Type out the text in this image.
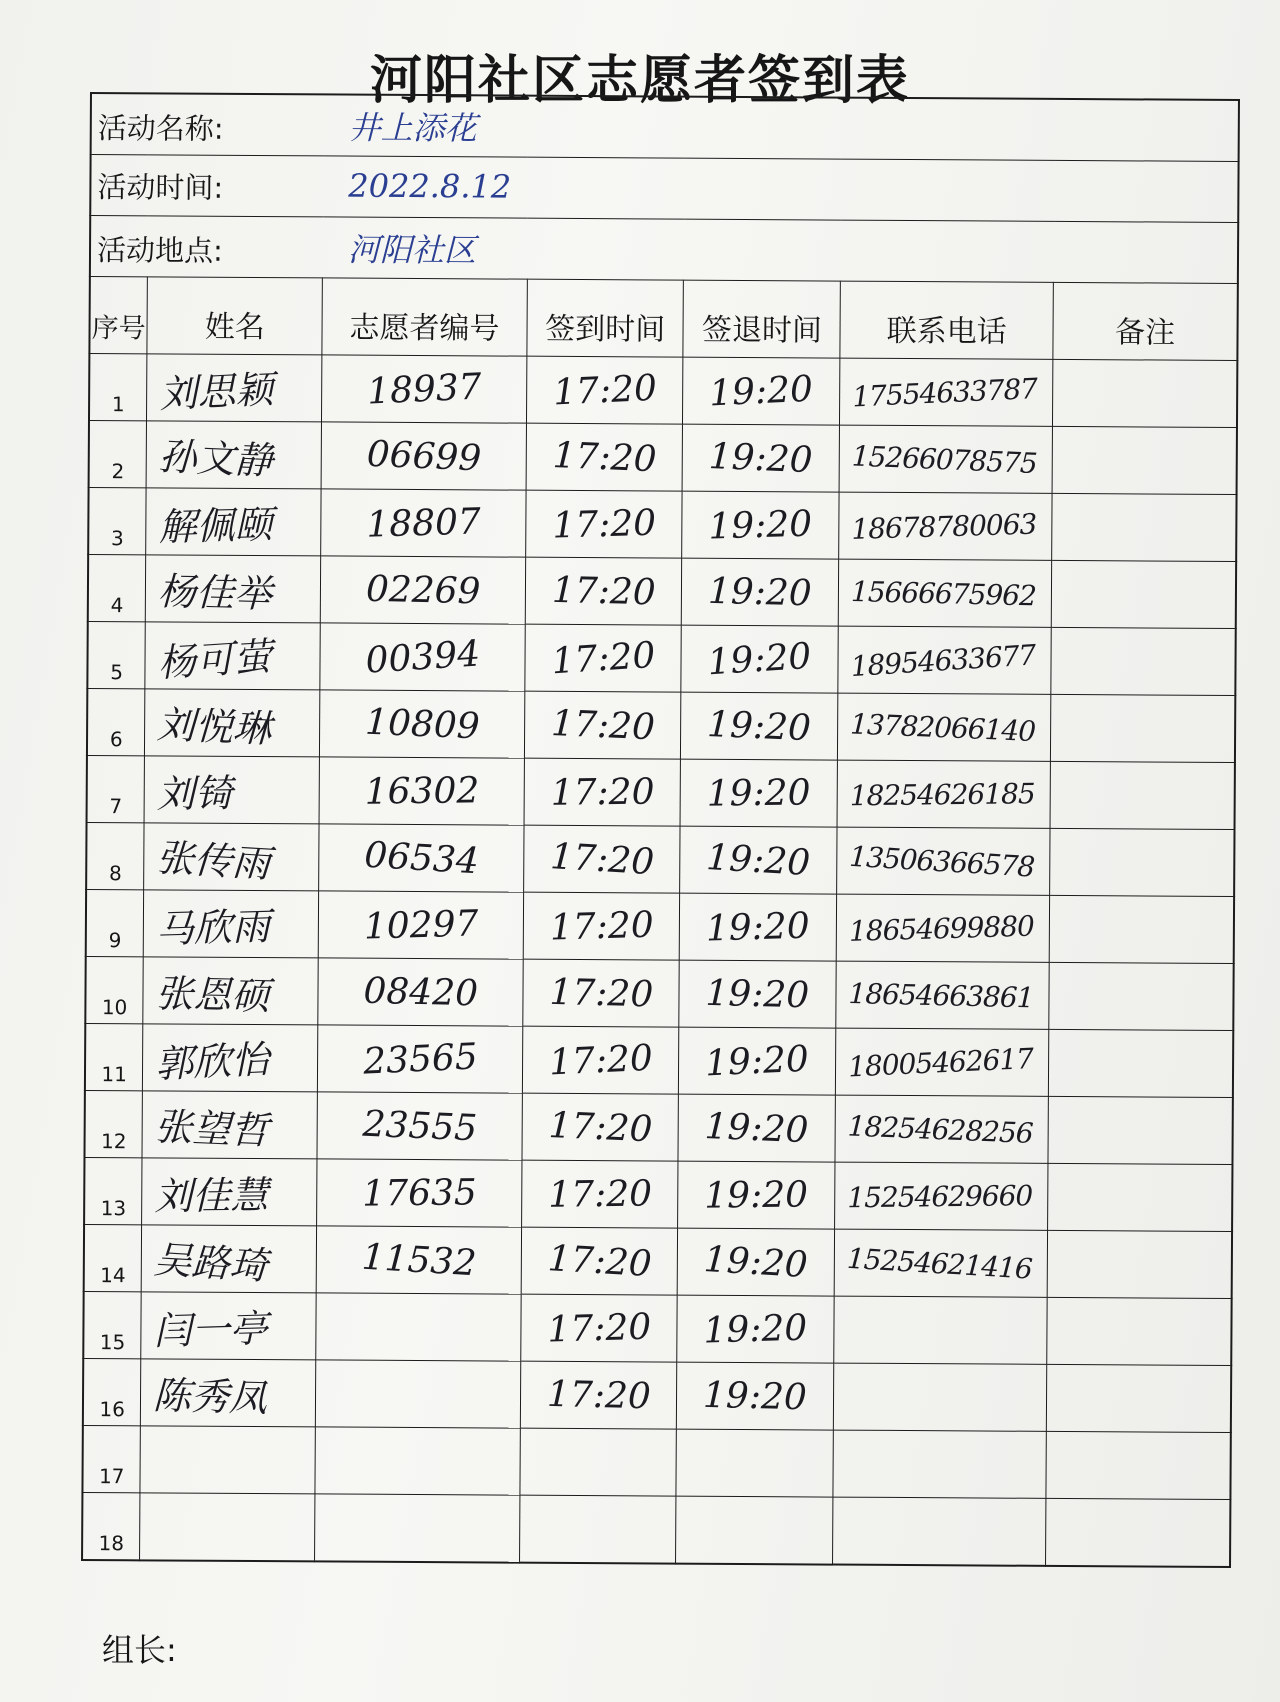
河阳社区志愿者签到表
活动名称: 井上添花						
活动时间: 2022.8.12						
活动地点: 河阳社区						
序号	姓名	志愿者编号	签到时间	签退时间	联系电话	备注
1	刘思颖	18937	17:20	19:20	17554633787	
2	孙文静	06699	17:20	19:20	15266078575	
3	解佩颐	18807	17:20	19:20	18678780063	
4	杨佳举	02269	17:20	19:20	15666675962	
5	杨可萤	00394	17:20	19:20	18954633677	
6	刘悦琳	10809	17:20	19:20	13782066140	
7	刘锜	16302	17:20	19:20	18254626185	
8	张传雨	06534	17:20	19:20	13506366578	
9	马欣雨	10297	17:20	19:20	18654699880	
10	张恩硕	08420	17:20	19:20	18654663861	
11	郭欣怡	23565	17:20	19:20	18005462617	
12	张望哲	23555	17:20	19:20	18254628256	
13	刘佳慧	17635	17:20	19:20	15254629660	
14	吴路琦	11532	17:20	19:20	15254621416	
15	闫一亭		17:20	19:20		
16	陈秀凤		17:20	19:20		
17						
18						
组长:
